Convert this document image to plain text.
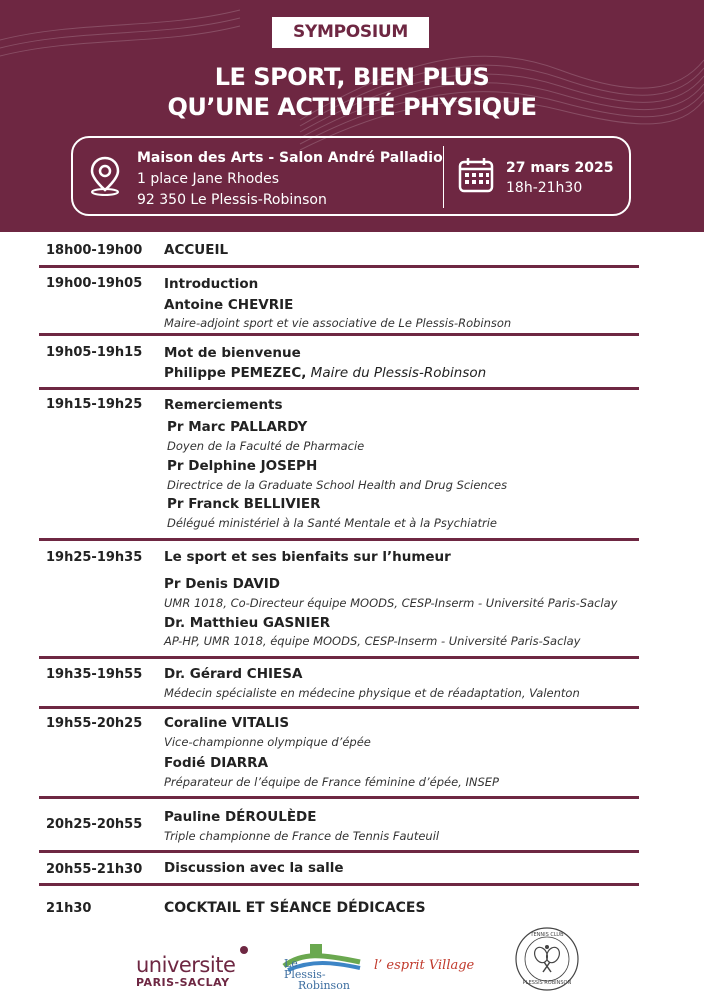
SYMPOSIUM
LE SPORT, BIEN PLUS
QU’UNE ACTIVITÉ PHYSIQUE
Maison des Arts - Salon André Palladio
1 place Jane Rhodes
92 350 Le Plessis-Robinson
27 mars 2025
18h-21h30
18h00-19h00 ACCUEIL
19h00-19h05 Introduction
Antoine CHEVRIE
Maire-adjoint sport et vie associative de Le Plessis-Robinson
19h05-19h15 Mot de bienvenue
Philippe PEMEZEC, Maire du Plessis-Robinson
19h15-19h25 Remerciements
Pr Marc PALLARDY
Doyen de la Faculté de Pharmacie
Pr Delphine JOSEPH
Directrice de la Graduate School Health and Drug Sciences
Pr Franck BELLIVIER
Délégué ministériel à la Santé Mentale et à la Psychiatrie
19h25-19h35 Le sport et ses bienfaits sur l’humeur
Pr Denis DAVID
UMR 1018, Co-Directeur équipe MOODS, CESP-Inserm - Université Paris-Saclay
Dr. Matthieu GASNIER
AP-HP, UMR 1018, équipe MOODS, CESP-Inserm - Université Paris-Saclay
19h35-19h55 Dr. Gérard CHIESA
Médecin spécialiste en médecine physique et de réadaptation, Valenton
19h55-20h25 Coraline VITALIS
Vice-championne olympique d’épée
Fodié DIARRA
Préparateur de l’équipe de France féminine d’épée, INSEP
20h25-20h55 Pauline DÉROULÈDE
Triple championne de France de Tennis Fauteuil
20h55-21h30 Discussion avec la salle
21h30	COCKTAIL ET SÉANCE DÉDICACES
universite
PARIS-SACLAY
Le
Plessis-
Robinson
l’ esprit Village
TENNIS CLUB
PLESSIS ROBINSON
